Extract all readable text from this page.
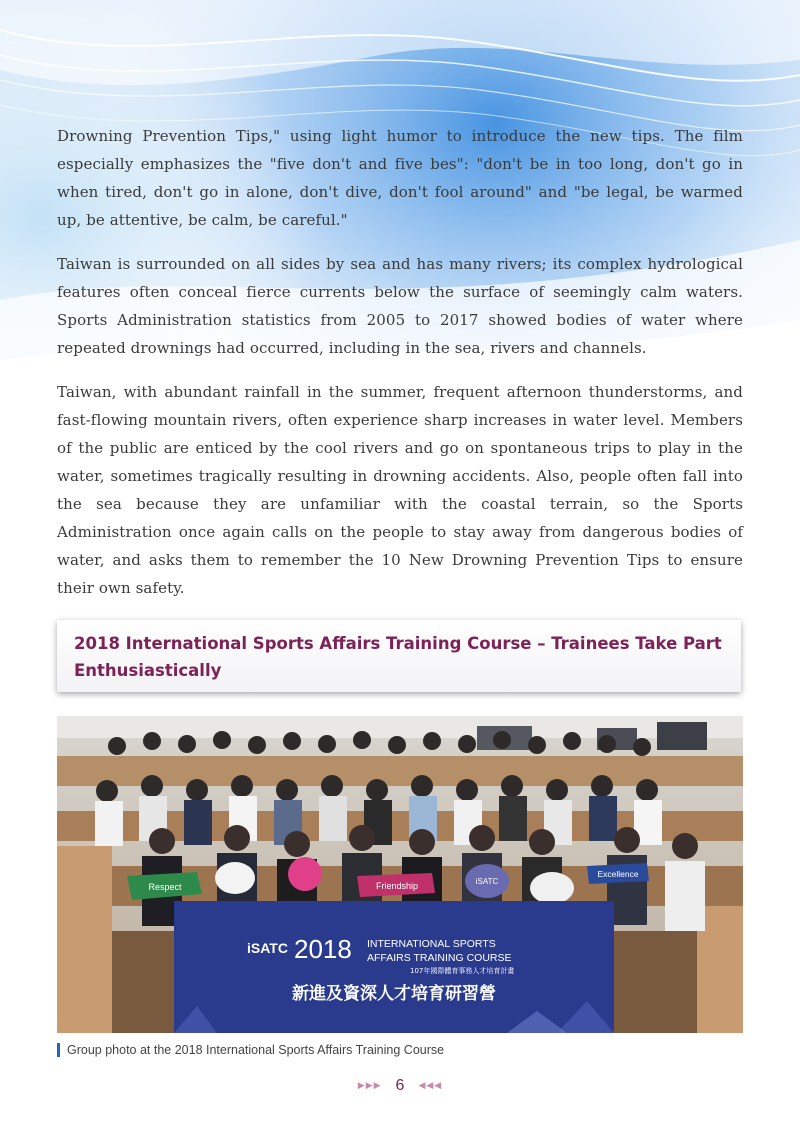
Drowning Prevention Tips," using light humor to introduce the new tips. The film especially emphasizes the "five don't and five bes": "don't be in too long, don't go in when tired, don't go in alone, don't dive, don't fool around" and "be legal, be warmed up, be attentive, be calm, be careful."

Taiwan is surrounded on all sides by sea and has many rivers; its complex hydrological features often conceal fierce currents below the surface of seemingly calm waters. Sports Administration statistics from 2005 to 2017 showed bodies of water where repeated drownings had occurred, including in the sea, rivers and channels.

Taiwan, with abundant rainfall in the summer, frequent afternoon thunderstorms, and fast-flowing mountain rivers, often experience sharp increases in water level. Members of the public are enticed by the cool rivers and go on spontaneous trips to play in the water, sometimes tragically resulting in drowning accidents. Also, people often fall into the sea because they are unfamiliar with the coastal terrain, so the Sports Administration once again calls on the people to stay away from dangerous bodies of water, and asks them to remember the 10 New Drowning Prevention Tips to ensure their own safety.

2018 International Sports Affairs Training Course – Trainees Take Part Enthusiastically
Respect	Friendship
Excellence
iSATC
iSATC 2018 INTERNATIONAL SPORTS
AFFAIRS TRAINING COURSE
107年國際體育事務人才培育計畫
新進及資深人才培育研習營
Group photo at the 2018 International Sports Affairs Training Course
▶▶▶ 6 ◀◀◀
